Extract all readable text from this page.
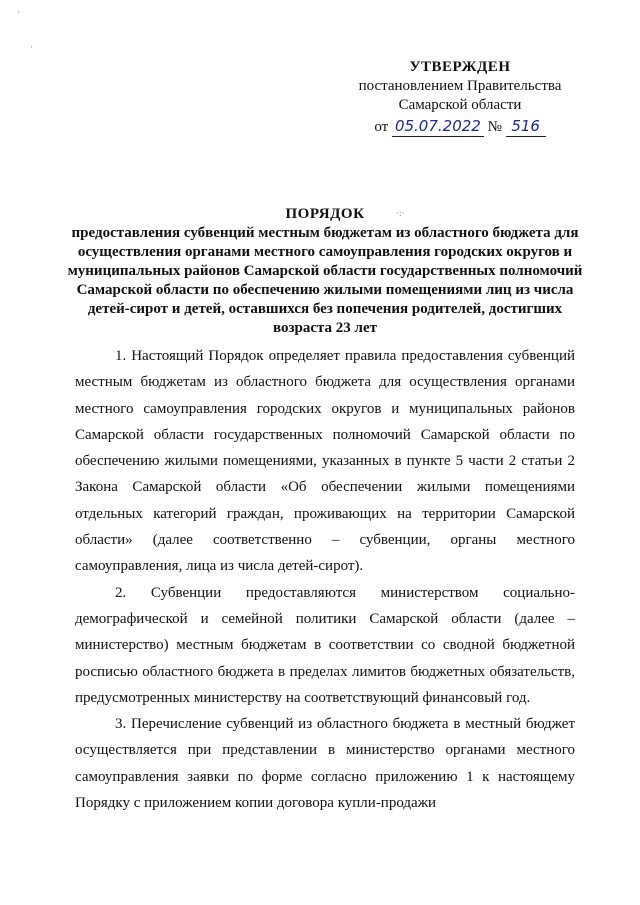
'
·
·:·
УТВЕРЖДЕН
постановлением Правительства
Самарской области
от 05.07.2022 № 516
ПОРЯДОК
предоставления субвенций местным бюджетам из областного бюджета для осуществления органами местного самоуправления городских округов и муниципальных районов Самарской области государственных полномочий Самарской области по обеспечению жилыми помещениями лиц из числа детей-сирот и детей, оставшихся без попечения родителей, достигших возраста 23 лет

1. Настоящий Порядок определяет правила предоставления субвенций местным бюджетам из областного бюджета для осуществления органами местного самоуправления городских округов и муниципальных районов Самарской области государственных полномочий Самарской области по обеспечению жилыми помещениями, указанных в пункте 5 части 2 статьи 2 Закона Самарской области «Об обеспечении жилыми помещениями отдельных категорий граждан, проживающих на территории Самарской области» (далее соответственно – субвенции, органы местного самоуправления, лица из числа детей-сирот).

2. Субвенции предоставляются министерством социально-демографической и семейной политики Самарской области (далее – министерство) местным бюджетам в соответствии со сводной бюджетной росписью областного бюджета в пределах лимитов бюджетных обязательств, предусмотренных министерству на соответствующий финансовый год.

3. Перечисление субвенций из областного бюджета в местный бюджет осуществляется при представлении в министерство органами местного самоуправления заявки по форме согласно приложению 1 к настоящему Порядку с приложением копии договора купли-продажи
